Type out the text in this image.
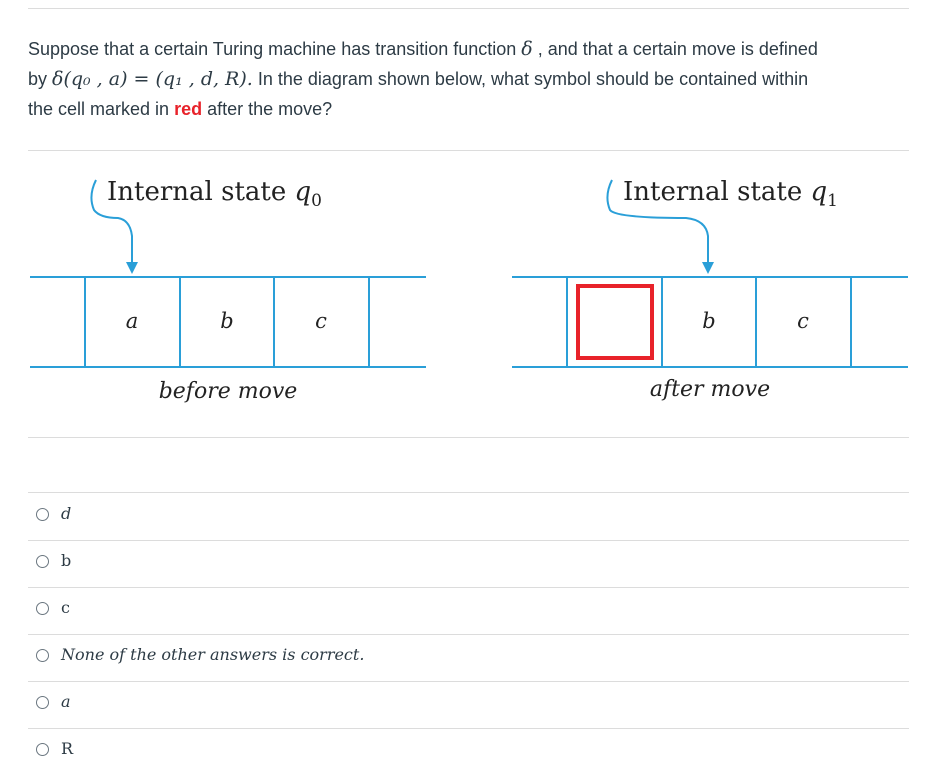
Suppose that a certain Turing machine has transition function δ , and that a certain move is defined
by δ(q₀ , a) = (q₁ , d, R). In the diagram shown below, what symbol should be contained within
the cell marked in red after the move?
Internal state $q_0$
a	b	c
before move
Internal state $q_1$
b	c
after move
d
b
c
None of the other answers is correct.
a
R
